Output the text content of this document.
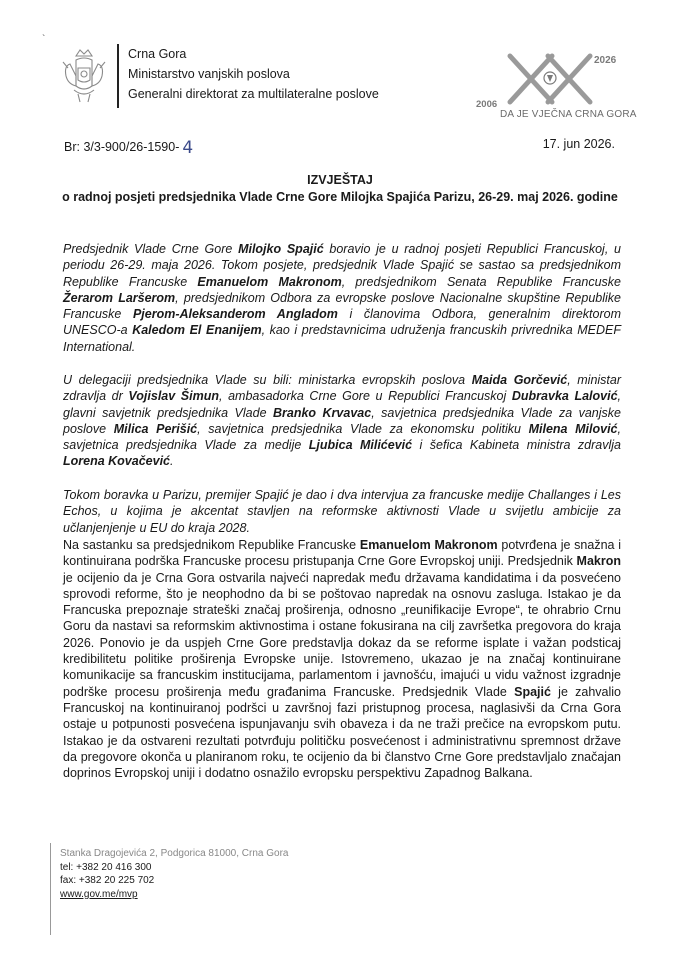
`
Crna Gora
Ministarstvo vanjskih poslova
Generalni direktorat za multilateralne poslove
2026
2006
DA JE VJEČNA CRNA GORA
Br: 3/3-900/26-1590- 4	17. jun 2026.
IZVJEŠTAJ
o radnoj posjeti predsjednika Vlade Crne Gore Milojka Spajića Parizu, 26-29. maj 2026. godine
Predsjednik Vlade Crne Gore Milojko Spajić boravio je u radnoj posjeti Republici Francuskoj, u periodu 26-29. maja 2026. Tokom posjete, predsjednik Vlade Spajić se sastao sa predsjednikom Republike Francuske Emanuelom Makronom, predsjednikom Senata Republike Francuske Žerarom Laršerom, predsjednikom Odbora za evropske poslove Nacionalne skupštine Republike Francuske Pjerom-Aleksanderom Angladom i članovima Odbora, generalnim direktorom UNESCO-a Kaledom El Enanijem, kao i predstavnicima udruženja francuskih privrednika MEDEF International.
U delegaciji predsjednika Vlade su bili: ministarka evropskih poslova Maida Gorčević, ministar zdravlja dr Vojislav Šimun, ambasadorka Crne Gore u Republici Francuskoj Dubravka Lalović, glavni savjetnik predsjednika Vlade Branko Krvavac, savjetnica predsjednika Vlade za vanjske poslove Milica Perišić, savjetnica predsjednika Vlade za ekonomsku politiku Milena Milović, savjetnica predsjednika Vlade za medije Ljubica Milićević i šefica Kabineta ministra zdravlja Lorena Kovačević.
Tokom boravka u Parizu, premijer Spajić je dao i dva intervjua za francuske medije Challanges i Les Echos, u kojima je akcentat stavljen na reformske aktivnosti Vlade u svijetlu ambicije za učlanjenjenje u EU do kraja 2028.
Na sastanku sa predsjednikom Republike Francuske Emanuelom Makronom potvrđena je snažna i kontinuirana podrška Francuske procesu pristupanja Crne Gore Evropskoj uniji. Predsjednik Makron je ocijenio da je Crna Gora ostvarila najveći napredak među državama kandidatima i da posvećeno sprovodi reforme, što je neophodno da bi se poštovao napredak na osnovu zasluga. Istakao je da Francuska prepoznaje strateški značaj proširenja, odnosno „reunifikacije Evrope“, te ohrabrio Crnu Goru da nastavi sa reformskim aktivnostima i ostane fokusirana na cilj završetka pregovora do kraja 2026. Ponovio je da uspjeh Crne Gore predstavlja dokaz da se reforme isplate i važan podsticaj kredibilitetu politike proširenja Evropske unije. Istovremeno, ukazao je na značaj kontinuirane komunikacije sa francuskim institucijama, parlamentom i javnošću, imajući u vidu važnost izgradnje podrške procesu proširenja među građanima Francuske. Predsjednik Vlade Spajić je zahvalio Francuskoj na kontinuiranoj podršci u završnoj fazi pristupnog procesa, naglasivši da Crna Gora ostaje u potpunosti posvećena ispunjavanju svih obaveza i da ne traži prečice na evropskom putu. Istakao je da ostvareni rezultati potvrđuju političku posvećenost i administrativnu spremnost države da pregovore okonča u planiranom roku, te ocijenio da bi članstvo Crne Gore predstavljalo značajan doprinos Evropskoj uniji i dodatno osnažilo evropsku perspektivu Zapadnog Balkana.
Stanka Dragojevića 2, Podgorica 81000, Crna Gora
tel: +382 20 416 300
fax: +382 20 225 702
www.gov.me/mvp
